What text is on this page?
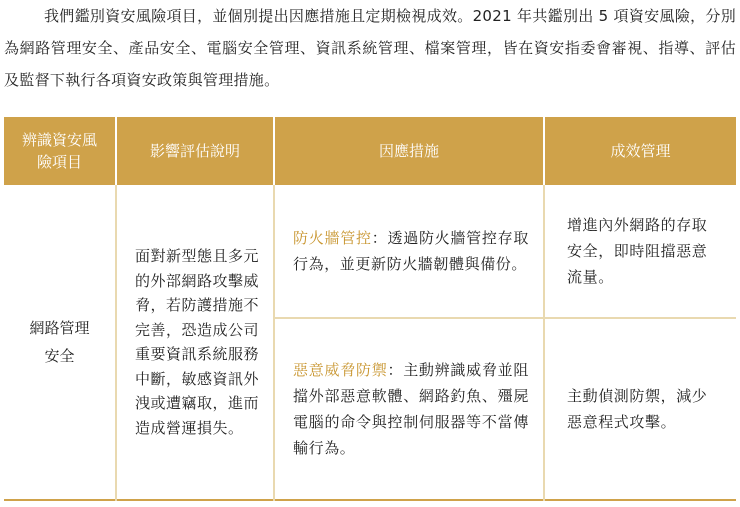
我們鑑別資安風險項目，並個別提出因應措施且定期檢視成效。2021 年共鑑別出 5 項資安風險，分別為網路管理安全、產品安全、電腦安全管理、資訊系統管理、檔案管理，皆在資安指委會審視、指導、評估及監督下執行各項資安政策與管理措施。

辨識資安風險項目	影響評估說明	因應措施	成效管理

網路管理安全	面對新型態且多元的外部網路攻擊威脅，若防護措施不完善，恐造成公司重要資訊系統服務中斷，敏感資訊外洩或遭竊取，進而造成營運損失。	防火牆管控：透過防火牆管控存取行為，並更新防火牆韌體與備份。	增進內外網路的存取安全，即時阻擋惡意流量。
		惡意威脅防禦：主動辨識威脅並阻擋外部惡意軟體、網路釣魚、殭屍電腦的命令與控制伺服器等不當傳輸行為。	主動偵測防禦，減少惡意程式攻擊。
